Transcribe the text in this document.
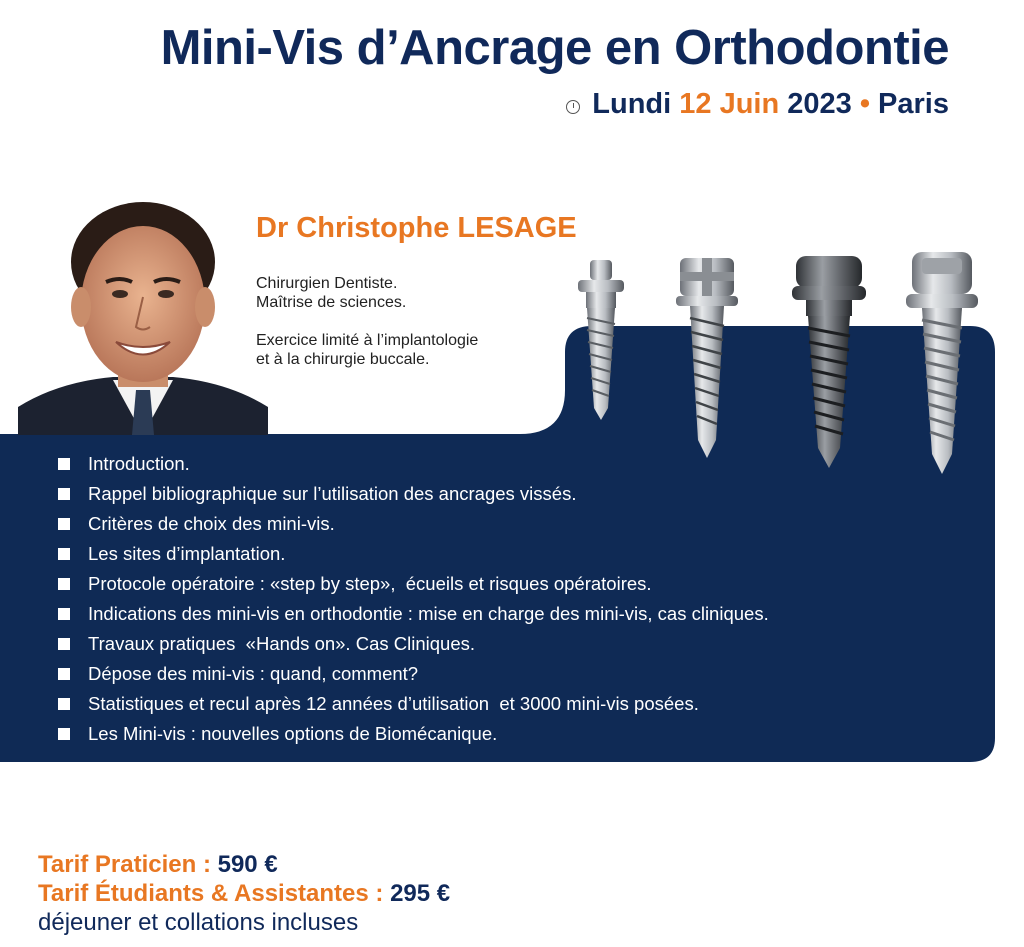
Mini-Vis d’Ancrage en Orthodontie
Lundi
12 Juin
2023
•
Paris
Dr Christophe LESAGE

Chirurgien Dentiste.
Maîtrise de sciences.

Exercice limité à l’implantologie
et à la chirurgie buccale.

Introduction.
Rappel bibliographique sur l’utilisation des ancrages vissés.
Critères de choix des mini-vis.
Les sites d’implantation.
Protocole opératoire : «step by step»,  écueils et risques opératoires.
Indications des mini-vis en orthodontie : mise en charge des mini-vis, cas cliniques.
Travaux pratiques  «Hands on». Cas Cliniques.
Dépose des mini-vis : quand, comment?
Statistiques et recul après 12 années d’utilisation  et 3000 mini-vis posées.
Les Mini-vis : nouvelles options de Biomécanique.
Tarif Praticien : 590 €
Tarif Étudiants & Assistantes : 295 €
déjeuner et collations incluses
